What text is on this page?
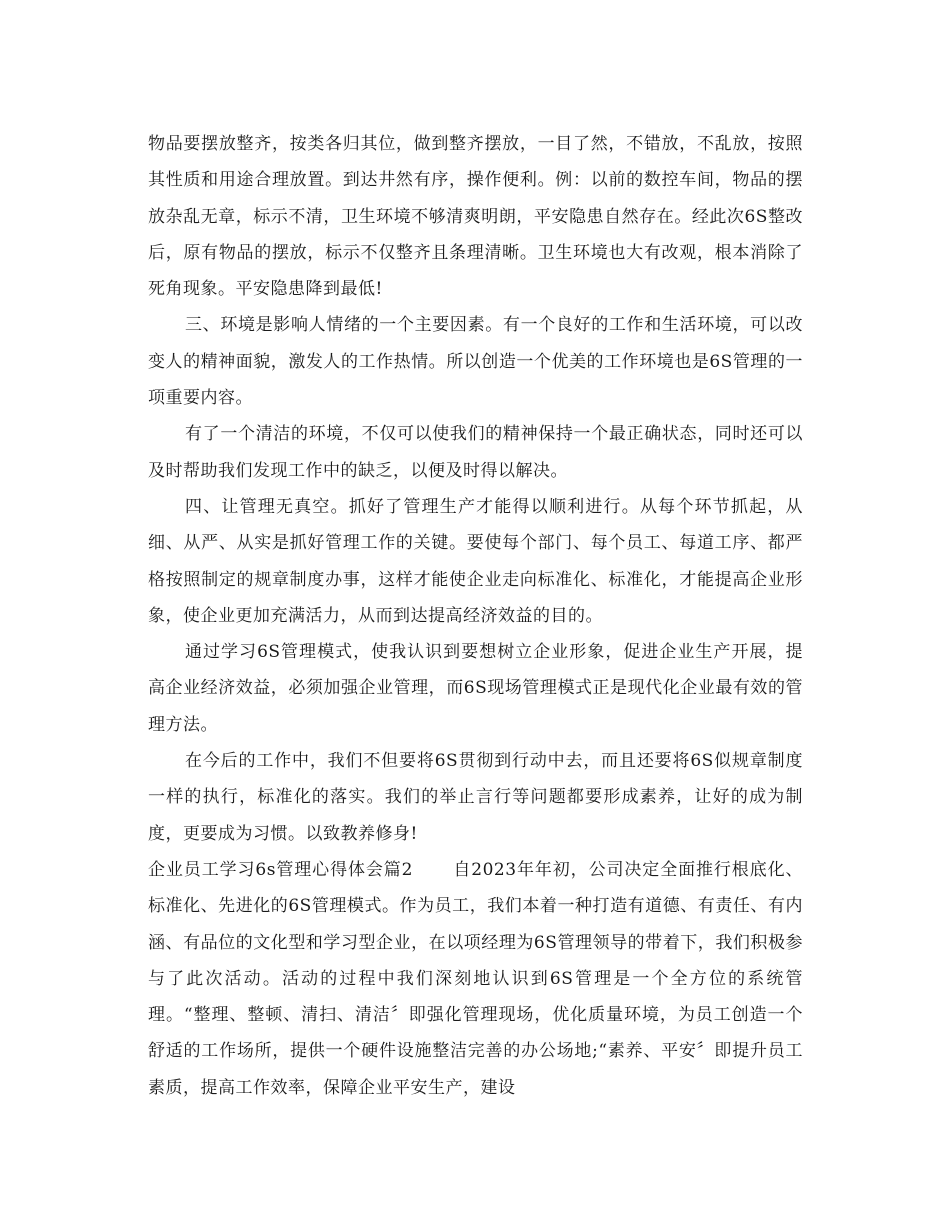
物品要摆放整齐，按类各归其位，做到整齐摆放，一目了然，不错放，不乱放，按照其性质和用途合理放置。到达井然有序，操作便利。例：以前的数控车间，物品的摆放杂乱无章，标示不清，卫生环境不够清爽明朗，平安隐患自然存在。经此次6S整改后，原有物品的摆放，标示不仅整齐且条理清晰。卫生环境也大有改观，根本消除了死角现象。平安隐患降到最低!

三、环境是影响人情绪的一个主要因素。有一个良好的工作和生活环境，可以改变人的精神面貌，激发人的工作热情。所以创造一个优美的工作环境也是6S管理的一项重要内容。

有了一个清洁的环境，不仅可以使我们的精神保持一个最正确状态，同时还可以及时帮助我们发现工作中的缺乏，以便及时得以解决。

四、让管理无真空。抓好了管理生产才能得以顺利进行。从每个环节抓起，从细、从严、从实是抓好管理工作的关键。要使每个部门、每个员工、每道工序、都严格按照制定的规章制度办事，这样才能使企业走向标准化、标准化，才能提高企业形象，使企业更加充满活力，从而到达提高经济效益的目的。

通过学习6S管理模式，使我认识到要想树立企业形象，促进企业生产开展，提高企业经济效益，必须加强企业管理，而6S现场管理模式正是现代化企业最有效的管理方法。

在今后的工作中，我们不但要将6S贯彻到行动中去，而且还要将6S似规章制度一样的执行，标准化的落实。我们的举止言行等问题都要形成素养，让好的成为制度，更要成为习惯。以致教养修身!

企业员工学习6s管理心得体会篇2 自2023年年初，公司决定全面推行根底化、标准化、先进化的6S管理模式。作为员工，我们本着一种打造有道德、有责任、有内涵、有品位的文化型和学习型企业，在以项经理为6S管理领导的带着下，我们积极参与了此次活动。活动的过程中我们深刻地认识到6S管理是一个全方位的系统管理。“整理、整顿、清扫、清洁〞即强化管理现场，优化质量环境，为员工创造一个舒适的工作场所，提供一个硬件设施整洁完善的办公场地;“素养、平安〞即提升员工素质，提高工作效率，保障企业平安生产，建设
